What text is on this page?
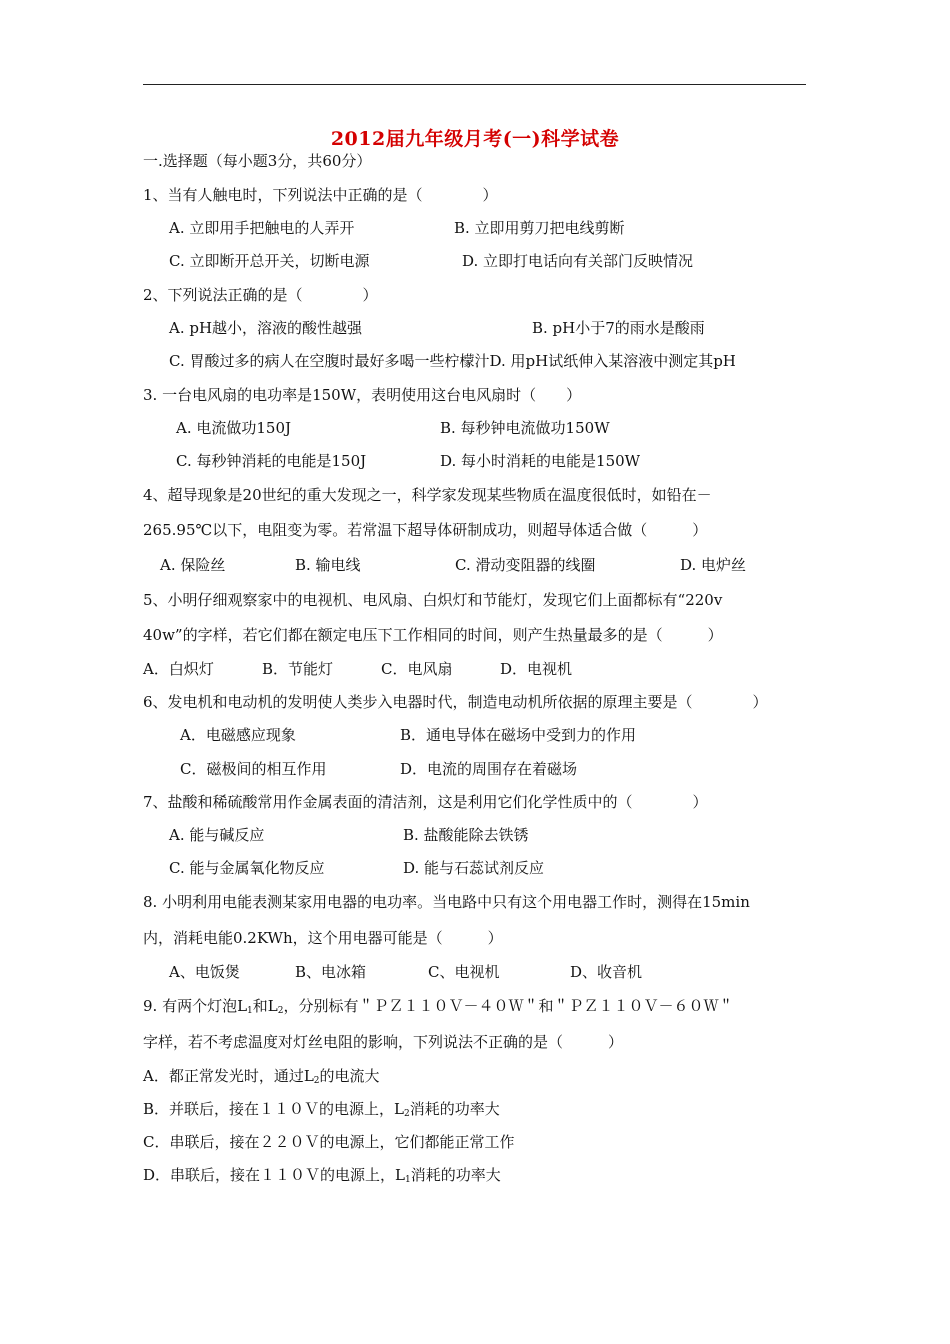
2012届九年级月考(一)科学试卷
一.选择题（每小题3分，共60分）
1、当有人触电时，下列说法中正确的是（　　　　）
A. 立即用手把触电的人弄开	B. 立即用剪刀把电线剪断
C. 立即断开总开关，切断电源	D. 立即打电话向有关部门反映情况
2、下列说法正确的是（　　　　）
A. pH越小，溶液的酸性越强	B. pH小于7的雨水是酸雨
C. 胃酸过多的病人在空腹时最好多喝一些柠檬汁D. 用pH试纸伸入某溶液中测定其pH
3. 一台电风扇的电功率是150W，表明使用这台电风扇时（　　）
A. 电流做功150J	B. 每秒钟电流做功150W
C. 每秒钟消耗的电能是150J	D. 每小时消耗的电能是150W
4、超导现象是20世纪的重大发现之一，科学家发现某些物质在温度很低时，如铅在－
265.95℃以下，电阻变为零。若常温下超导体研制成功，则超导体适合做（　　　）
A. 保险丝	B. 输电线	C. 滑动变阻器的线圈	D. 电炉丝
5、小明仔细观察家中的电视机、电风扇、白炽灯和节能灯，发现它们上面都标有“220v
40w”的字样，若它们都在额定电压下工作相同的时间，则产生热量最多的是（　　　）
A．白炽灯	B．节能灯	C．电风扇	D．电视机
6、发电机和电动机的发明使人类步入电器时代，制造电动机所依据的原理主要是（　　　　）
A．电磁感应现象	B．通电导体在磁场中受到力的作用
C．磁极间的相互作用	D．电流的周围存在着磁场
7、盐酸和稀硫酸常用作金属表面的清洁剂，这是利用它们化学性质中的（　　　　）
A. 能与碱反应	B. 盐酸能除去铁锈
C. 能与金属氧化物反应	D. 能与石蕊试剂反应
8. 小明利用电能表测某家用电器的电功率。当电路中只有这个用电器工作时，测得在15min
内，消耗电能0.2KWh，这个用电器可能是（　　　）
A、电饭煲	B、电冰箱	C、电视机	D、收音机
9. 有两个灯泡$L_1$和$L_2$，分别标有＂ＰＺ１１０Ｖ－４０Ｗ＂和＂ＰＺ１１０Ｖ－６０Ｗ＂
字样，若不考虑温度对灯丝电阻的影响，下列说法不正确的是（　　　）
A．都正常发光时，通过$L_2$的电流大
B．并联后，接在１１０Ｖ的电源上，$L_2$消耗的功率大
C．串联后，接在２２０Ｖ的电源上，它们都能正常工作
D．串联后，接在１１０Ｖ的电源上，$L_1$消耗的功率大
